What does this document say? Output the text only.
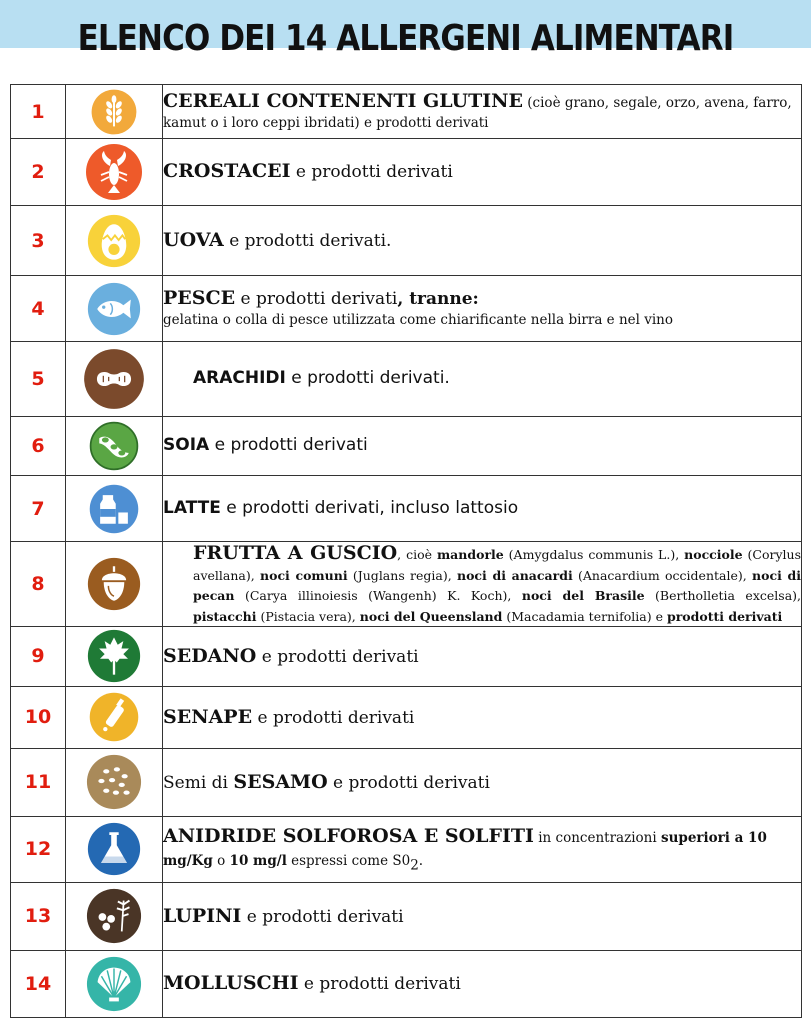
ELENCO DEI 14 ALLERGENI ALIMENTARI
1		CEREALI CONTENENTI GLUTINE (cioè grano, segale, orzo, avena, farro, kamut o i loro ceppi ibridati) e prodotti derivati
2		CROSTACEI e prodotti derivati
3		UOVA e prodotti derivati.
4		PESCE e prodotti derivati, tranne:
gelatina o colla di pesce utilizzata come chiarificante nella birra e nel vino
5		ARACHIDI e prodotti derivati.
6		SOIA e prodotti derivati
7		LATTE e prodotti derivati, incluso lattosio
8		FRUTTA A GUSCIO, cioè mandorle (Amygdalus communis L.), nocciole (Corylus avellana), noci comuni (Juglans regia), noci di anacardi (Anacardium occidentale), noci di pecan (Carya illinoiesis (Wangenh) K. Koch), noci del Brasile (Bertholletia excelsa), pistacchi (Pistacia vera), noci del Queensland (Macadamia ternifolia) e prodotti derivati
9		SEDANO e prodotti derivati
10		SENAPE e prodotti derivati
11		Semi di SESAMO e prodotti derivati
12		ANIDRIDE SOLFOROSA E SOLFITI in concentrazioni superiori a 10 mg/Kg o 10 mg/l espressi come $S0_2$.
13		LUPINI e prodotti derivati
14		MOLLUSCHI e prodotti derivati
